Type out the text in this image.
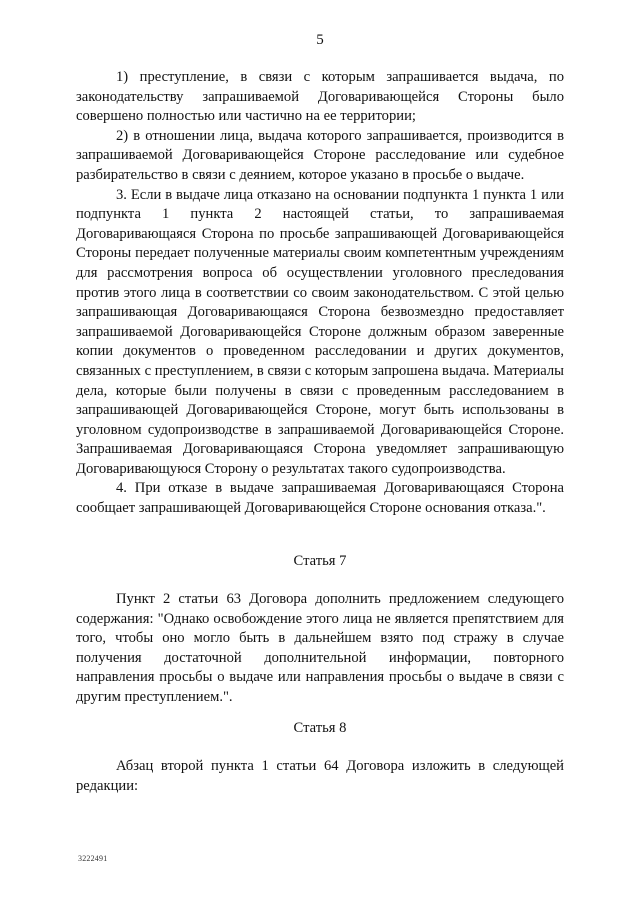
5

1) преступление, в связи с которым запрашивается выдача, по законодательству запрашиваемой Договаривающейся Стороны было совершено полностью или частично на ее территории;

2) в отношении лица, выдача которого запрашивается, производится в запрашиваемой Договаривающейся Стороне расследование или судебное разбирательство в связи с деянием, которое указано в просьбе о выдаче.

3. Если в выдаче лица отказано на основании подпункта 1 пункта 1 или подпункта 1 пункта 2 настоящей статьи, то запрашиваемая Договаривающаяся Сторона по просьбе запрашивающей Договаривающейся Стороны передает полученные материалы своим компетентным учреждениям для рассмотрения вопроса об осуществлении уголовного преследования против этого лица в соответствии со своим законодательством. С этой целью запрашивающая Договаривающаяся Сторона безвозмездно предоставляет запрашиваемой Договаривающейся Стороне должным образом заверенные копии документов о проведенном расследовании и других документов, связанных с преступлением, в связи с которым запрошена выдача. Материалы дела, которые были получены в связи с проведенным расследованием в запрашивающей Договаривающейся Стороне, могут быть использованы в уголовном судопроизводстве в запрашиваемой Договаривающейся Стороне. Запрашиваемая Договаривающаяся Сторона уведомляет запрашивающую Договаривающуюся Сторону о результатах такого судопроизводства.

4. При отказе в выдаче запрашиваемая Договаривающаяся Сторона сообщает запрашивающей Договаривающейся Стороне основания отказа.".

Статья 7

Пункт 2 статьи 63 Договора дополнить предложением следующего содержания: "Однако освобождение этого лица не является препятствием для того, чтобы оно могло быть в дальнейшем взято под стражу в случае получения достаточной дополнительной информации, повторного направления просьбы о выдаче или направления просьбы о выдаче в связи с другим преступлением.".

Статья 8

Абзац второй пункта 1 статьи 64 Договора изложить в следующей редакции:

3222491
